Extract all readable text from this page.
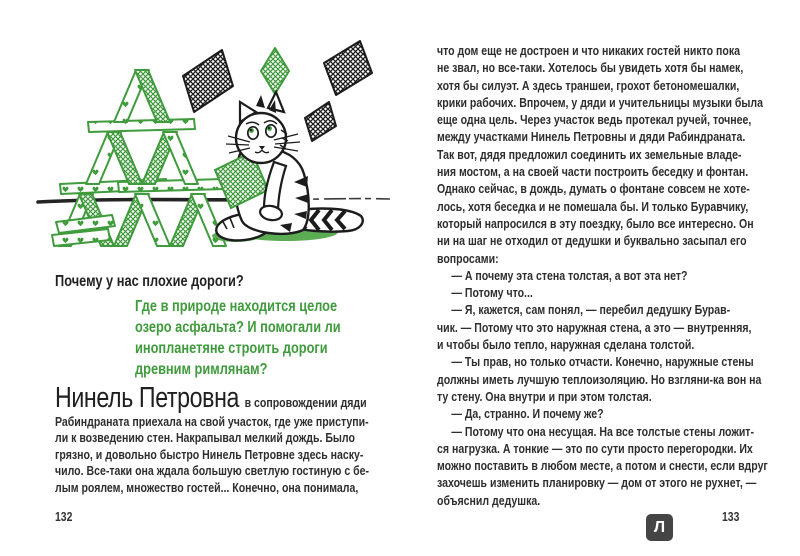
Почему у нас плохие дороги?
Где в природе находится целое
озеро асфальта? И помогали ли
инопланетяне строить дороги
древним римлянам?
Нинель Петровна в сопровождении дяди
Рабиндраната приехала на свой участок, где уже приступи-
ли к возведению стен. Накрапывал мелкий дождь. Было
грязно, и довольно быстро Нинель Петровне здесь наску-
чило. Все-таки она ждала большую светлую гостиную с бе-
лым роялем, множество гостей... Конечно, она понимала,
132
что дом еще не достроен и что никаких гостей никто пока
не звал, но все-таки. Хотелось бы увидеть хотя бы намек,
хотя бы силуэт. А здесь траншеи, грохот бетономешалки,
крики рабочих. Впрочем, у дяди и учительницы музыки была
еще одна цель. Через участок ведь протекал ручей, точнее,
между участками Нинель Петровны и дяди Рабиндраната.
Так вот, дядя предложил соединить их земельные владе-
ния мостом, а на своей части построить беседку и фонтан.
Однако сейчас, в дождь, думать о фонтане совсем не хоте-
лось, хотя беседка и не помешала бы. И только Буравчику,
который напросился в эту поездку, было все интересно. Он
ни на шаг не отходил от дедушки и буквально засыпал его
вопросами:
— А почему эта стена толстая, а вот эта нет?
— Потому что...
— Я, кажется, сам понял, — перебил дедушку Бурав-
чик. — Потому что это наружная стена, а это — внутренняя,
и чтобы было тепло, наружная сделана толстой.
— Ты прав, но только отчасти. Конечно, наружные стены
должны иметь лучшую теплоизоляцию. Но взгляни-ка вон на
ту стену. Она внутри и при этом толстая.
— Да, странно. И почему же?
— Потому что она несущая. На все толстые стены ложит-
ся нагрузка. А тонкие — это по сути просто перегородки. Их
можно поставить в любом месте, а потом и снести, если вдруг
захочешь изменить планировку — дом от этого не рухнет, —
объяснил дедушка.
Л
133
